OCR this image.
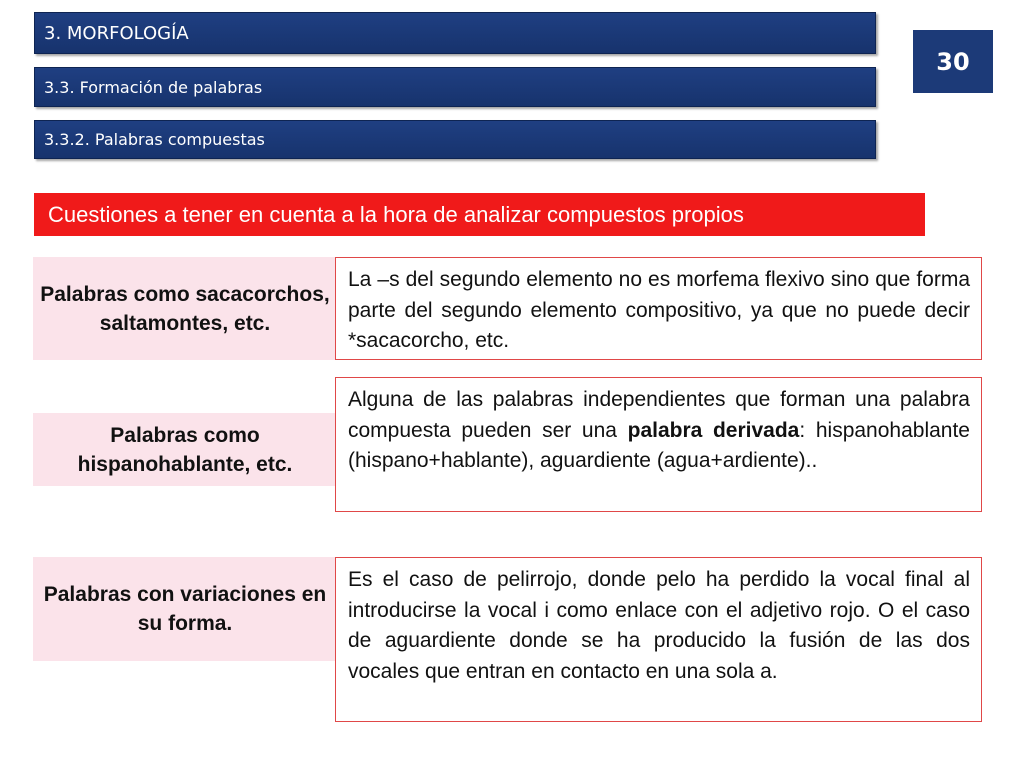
3. MORFOLOGÍA
3.3. Formación de palabras
3.3.2. Palabras compuestas
30
Cuestiones a tener en cuenta a la hora de analizar compuestos propios
Palabras como sacacorchos, saltamontes, etc.
La –s del segundo elemento no es morfema flexivo sino que forma parte del segundo elemento compositivo, ya que no puede decir *sacacorcho, etc.
Palabras como hispanohablante, etc.
Alguna de las palabras independientes que forman una palabra compuesta pueden ser una palabra derivada: hispanohablante (hispano+hablante), aguardiente (agua+ardiente)..
Palabras con variaciones en su forma.
Es el caso de pelirrojo, donde pelo ha perdido la vocal final al introducirse la vocal i como enlace con el adjetivo rojo. O el caso de aguardiente donde se ha producido la fusión de las dos vocales que entran en contacto en una sola a.
